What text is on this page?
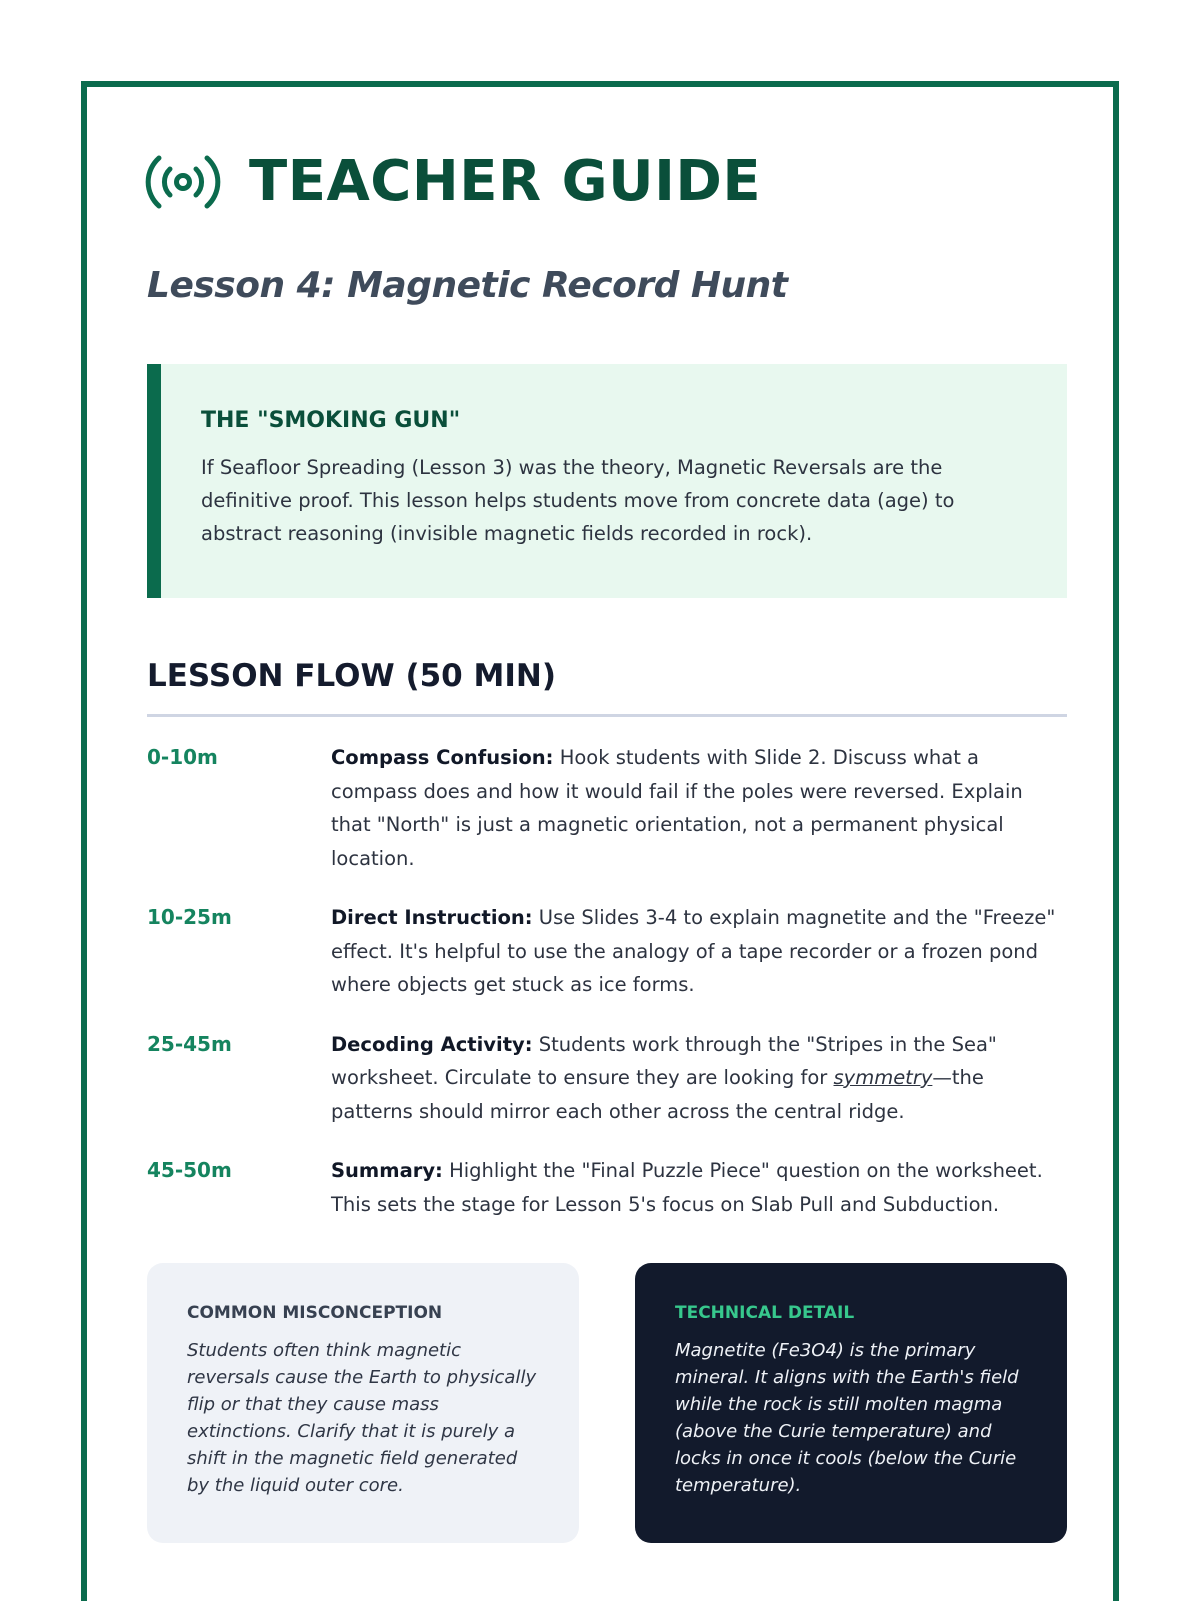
TEACHER GUIDE
Lesson 4: Magnetic Record Hunt
THE "SMOKING GUN"

If Seafloor Spreading (Lesson 3) was the theory, Magnetic Reversals are the definitive proof. This lesson helps students move from concrete data (age) to abstract reasoning (invisible magnetic fields recorded in rock).

LESSON FLOW (50 MIN)
0-10m	Compass Confusion: Hook students with Slide 2. Discuss what a compass does and how it would fail if the poles were reversed. Explain that "North" is just a magnetic orientation, not a permanent physical location.
10-25m	Direct Instruction: Use Slides 3-4 to explain magnetite and the "Freeze" effect. It's helpful to use the analogy of a tape recorder or a frozen pond where objects get stuck as ice forms.
25-45m	Decoding Activity: Students work through the "Stripes in the Sea" worksheet. Circulate to ensure they are looking for symmetry—the patterns should mirror each other across the central ridge.
45-50m	Summary: Highlight the "Final Puzzle Piece" question on the worksheet. This sets the stage for Lesson 5's focus on Slab Pull and Subduction.
COMMON MISCONCEPTION

Students often think magnetic reversals cause the Earth to physically flip or that they cause mass extinctions. Clarify that it is purely a shift in the magnetic field generated by the liquid outer core.

TECHNICAL DETAIL

Magnetite (Fe3O4) is the primary mineral. It aligns with the Earth's field while the rock is still molten magma (above the Curie temperature) and locks in once it cools (below the Curie temperature).
